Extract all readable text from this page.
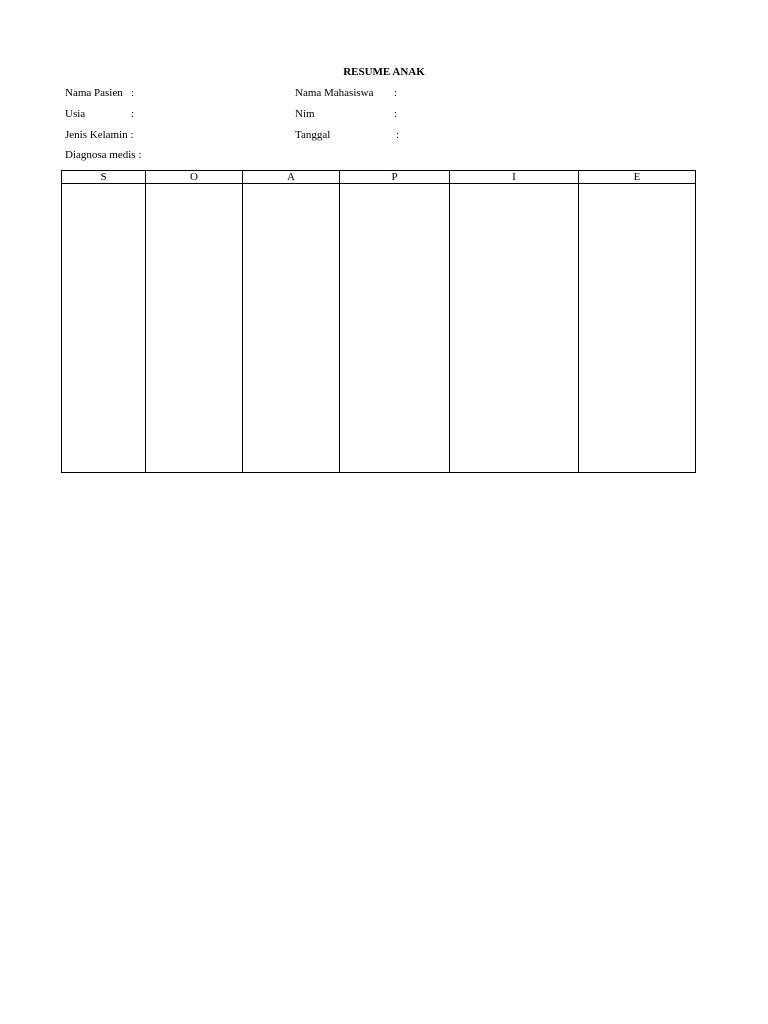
RESUME ANAK
Nama Pasien :
Usia	:
Jenis Kelamin :
Diagnosa medis :
Nama Mahasiswa :
Nim	:
Tanggal	:
S	O	A	P	I	E
